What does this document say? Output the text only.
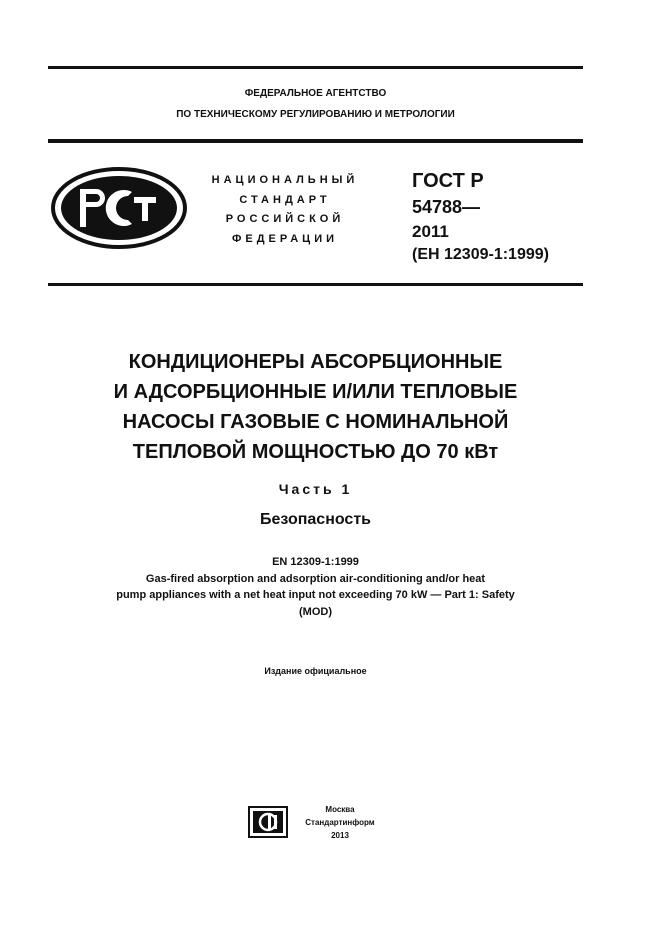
ФЕДЕРАЛЬНОЕ АГЕНТСТВО
ПО ТЕХНИЧЕСКОМУ РЕГУЛИРОВАНИЮ И МЕТРОЛОГИИ
НАЦИОНАЛЬНЫЙ
СТАНДАРТ
РОССИЙСКОЙ
ФЕДЕРАЦИИ
ГОСТ Р
54788—
2011
(ЕН 12309-1:1999)
КОНДИЦИОНЕРЫ АБСОРБЦИОННЫЕ
И АДСОРБЦИОННЫЕ И/ИЛИ ТЕПЛОВЫЕ
НАСОСЫ ГАЗОВЫЕ С НОМИНАЛЬНОЙ
ТЕПЛОВОЙ МОЩНОСТЬЮ ДО 70 кВт
Часть 1
Безопасность
EN 12309-1:1999
Gas-fired absorption and adsorption air-conditioning and/or heat
pump appliances with a net heat input not exceeding 70 kW — Part 1: Safety
(MOD)
Издание официальное
Москва
Стандартинформ
2013
